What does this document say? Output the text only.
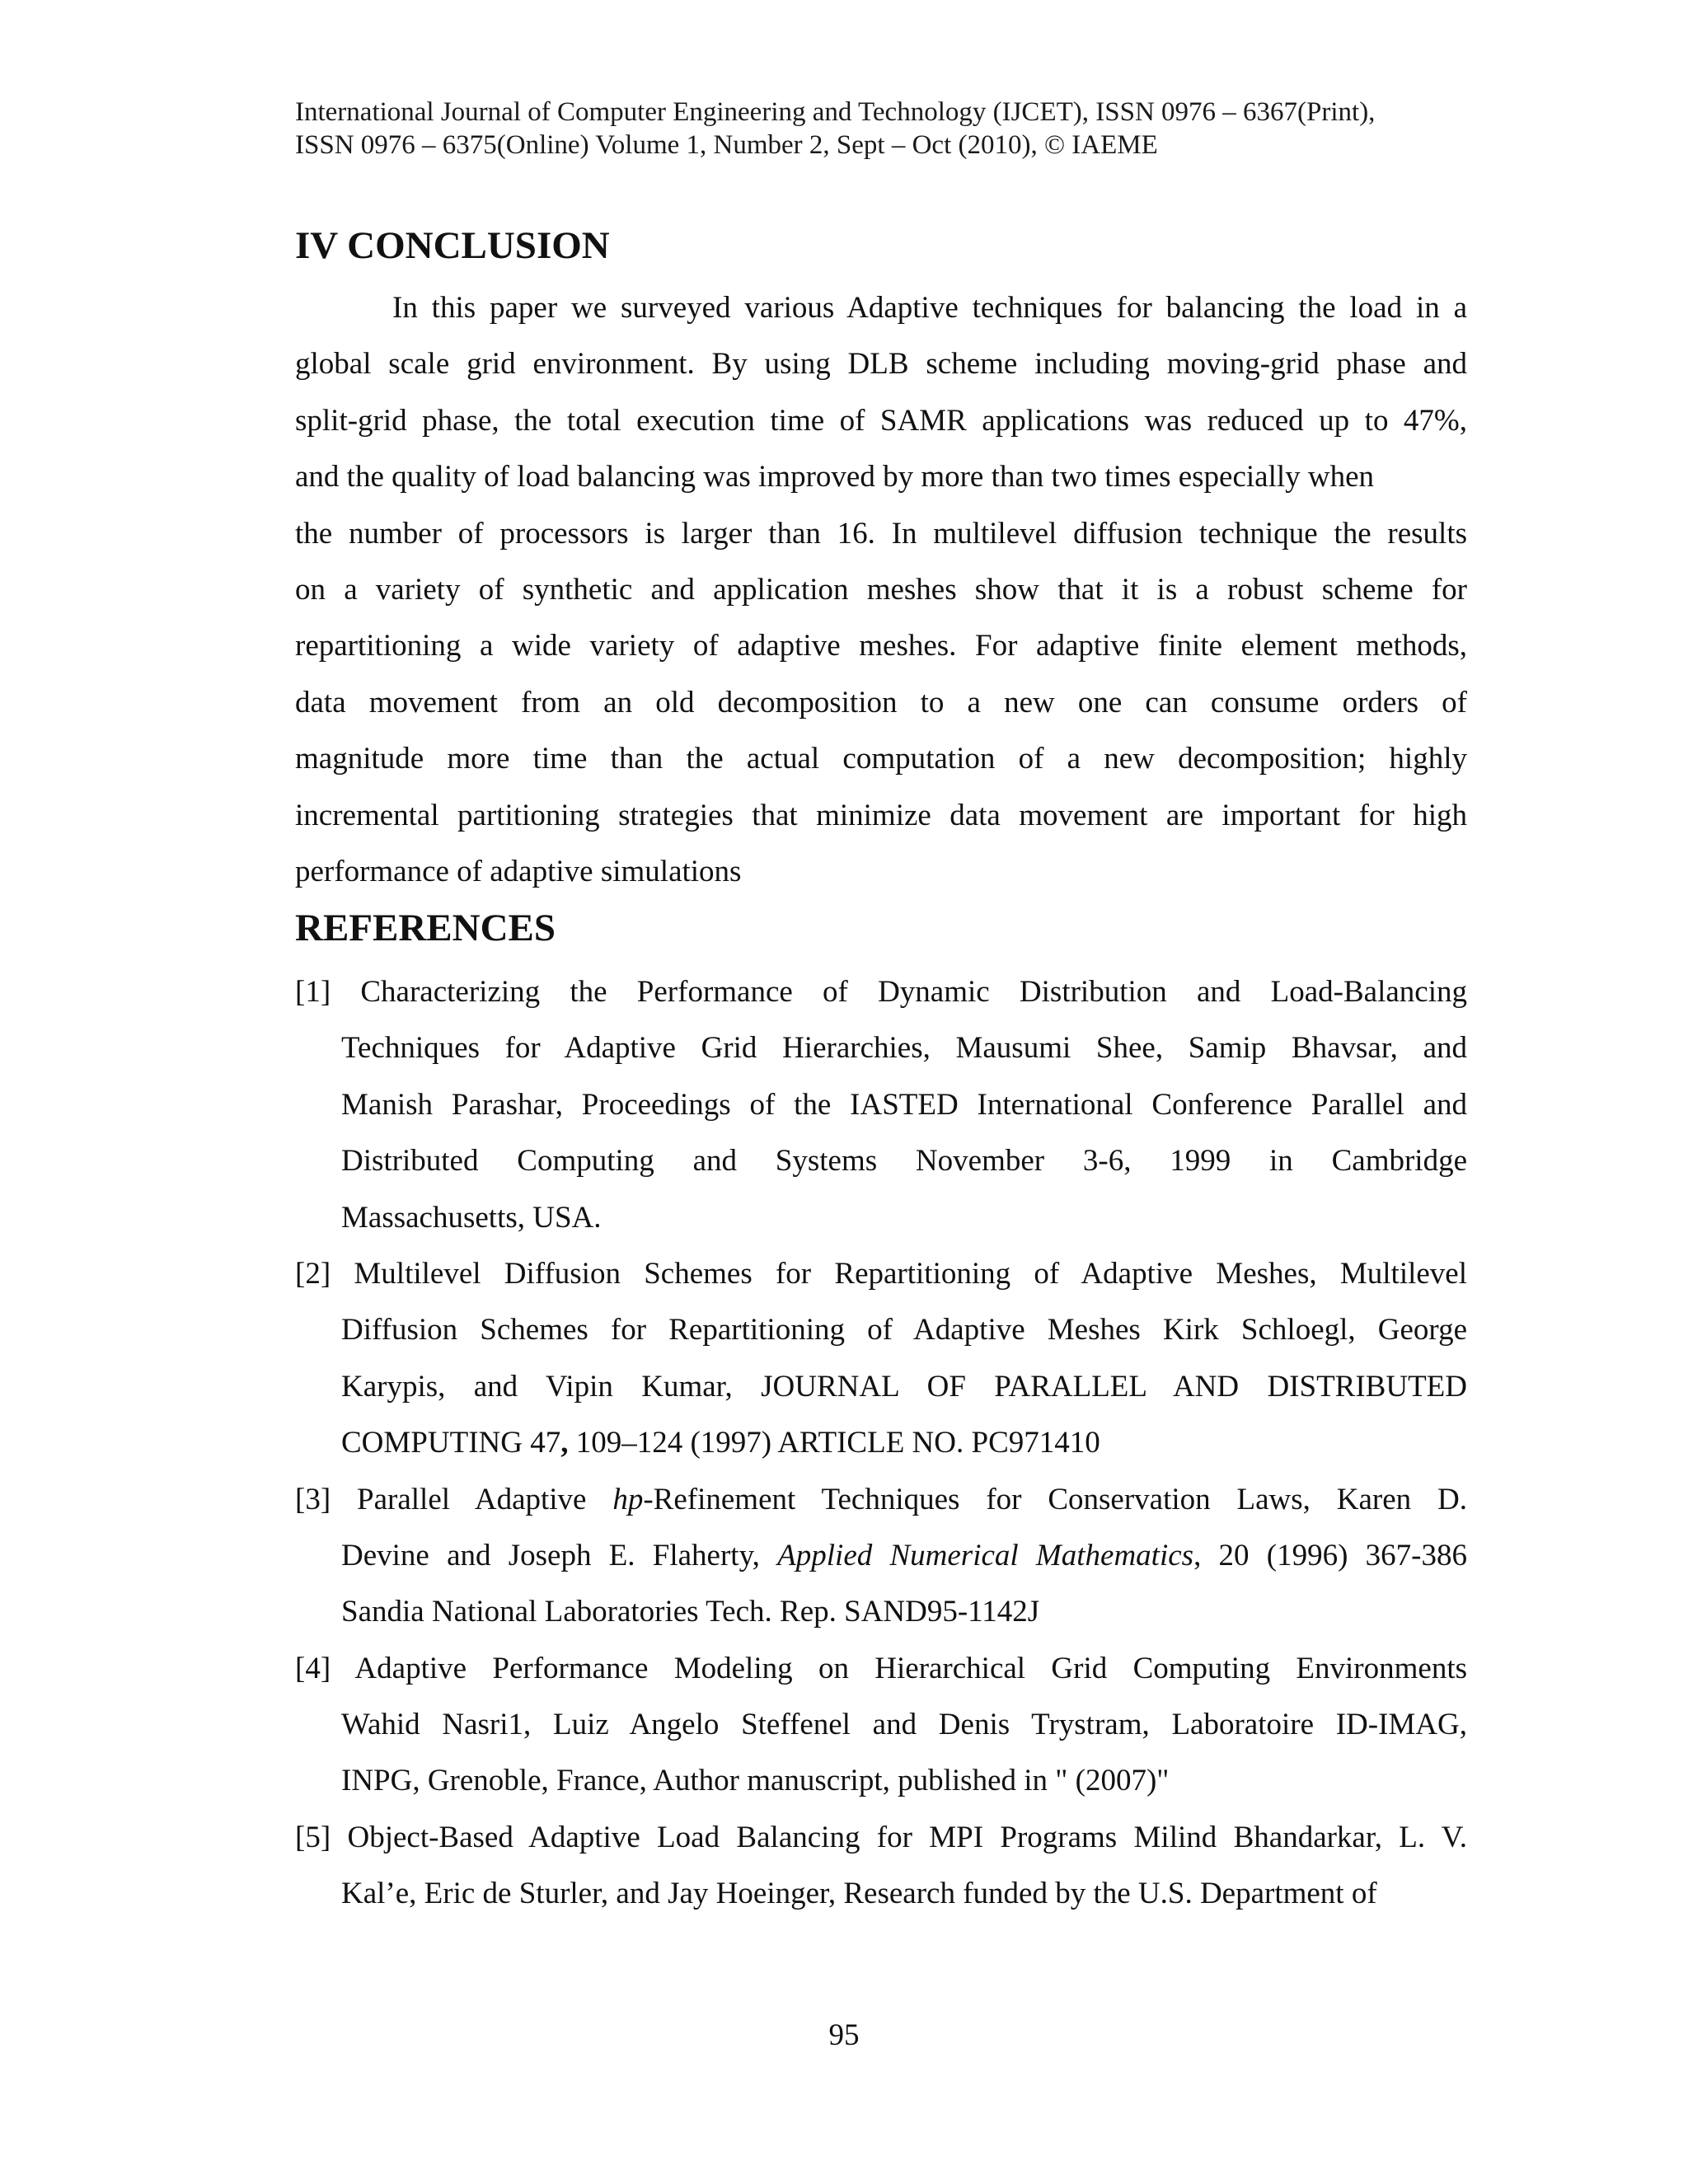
International Journal of Computer Engineering and Technology (IJCET), ISSN 0976 – 6367(Print),
ISSN 0976 – 6375(Online) Volume 1, Number 2, Sept – Oct (2010), © IAEME
IV CONCLUSION
In this paper we surveyed various Adaptive techniques for balancing the load in a
global scale grid environment. By using DLB scheme including moving-grid phase and
split-grid phase, the total execution time of SAMR applications was reduced up to 47%,
and the quality of load balancing was improved by more than two times especially when
the number of processors is larger than 16. In multilevel diffusion technique the results
on a variety of synthetic and application meshes show that it is a robust scheme for
repartitioning a wide variety of adaptive meshes. For adaptive finite element methods,
data movement from an old decomposition to a new one can consume orders of
magnitude more time than the actual computation of a new decomposition; highly
incremental partitioning strategies that minimize data movement are important for high
performance of adaptive simulations
REFERENCES
[1] Characterizing the Performance of Dynamic Distribution and Load-Balancing
Techniques for Adaptive Grid Hierarchies, Mausumi Shee, Samip Bhavsar, and
Manish Parashar, Proceedings of the IASTED International Conference Parallel and
Distributed Computing and Systems November 3-6, 1999 in Cambridge
Massachusetts, USA.
[2] Multilevel Diffusion Schemes for Repartitioning of Adaptive Meshes, Multilevel
Diffusion Schemes for Repartitioning of Adaptive Meshes Kirk Schloegl, George
Karypis, and Vipin Kumar, JOURNAL OF PARALLEL AND DISTRIBUTED
COMPUTING 47, 109–124 (1997) ARTICLE NO. PC971410
[3] Parallel Adaptive hp-Refinement Techniques for Conservation Laws, Karen D.
Devine and Joseph E. Flaherty, Applied Numerical Mathematics, 20 (1996) 367-386
Sandia National Laboratories Tech. Rep. SAND95-1142J
[4] Adaptive Performance Modeling on Hierarchical Grid Computing Environments
Wahid Nasri1, Luiz Angelo Steffenel and Denis Trystram, Laboratoire ID-IMAG,
INPG, Grenoble, France, Author manuscript, published in " (2007)"
[5] Object-Based Adaptive Load Balancing for MPI Programs Milind Bhandarkar, L. V.
Kal’e, Eric de Sturler, and Jay Hoeinger, Research funded by the U.S. Department of
95
